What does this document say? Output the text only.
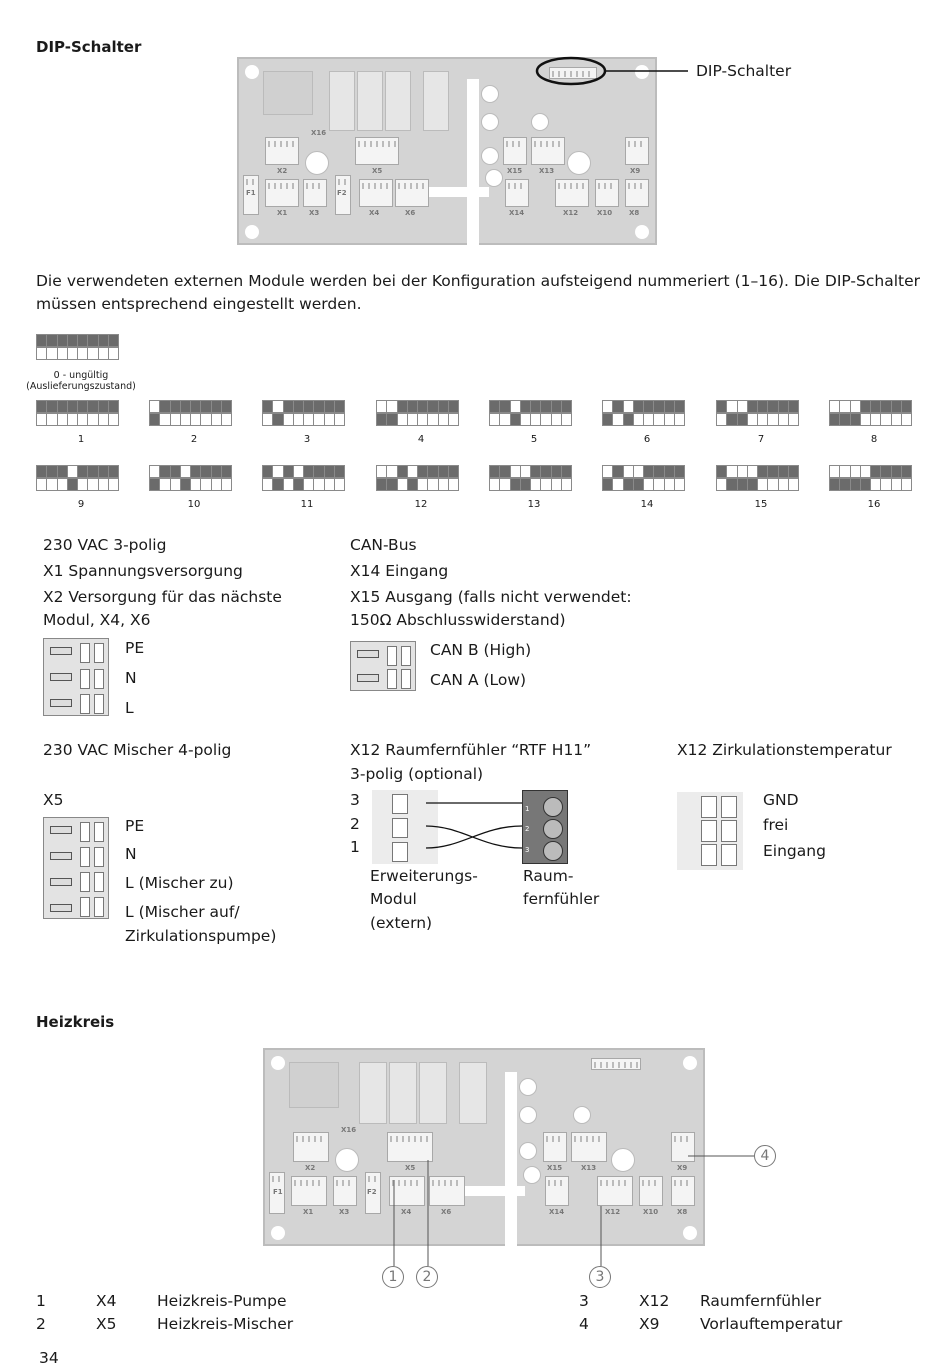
DIP-Schalter
X16
X2	X5	X15 X13	X9
F1	F2
X1	X3	X4	X6	X14	X12	X10 X8
DIP-Schalter
Die verwendeten externen Module werden bei der Konfiguration aufsteigend nummeriert (1–16). Die DIP-Schalter müssen entsprechend eingestellt werden.
1	2	3	4	5	6	7	8
9	10	11	12	13	14	15	16
0 - ungültig
(Auslieferungszustand)
230 VAC 3-polig
X1 Spannungsversorgung
X2 Versorgung für das nächste
Modul, X4, X6
PE
N
L
CAN-Bus
X14 Eingang
X15 Ausgang (falls nicht verwendet:
150Ω Abschlusswiderstand)
CAN B (High)
CAN A (Low)
230 VAC Mischer 4-polig
X5
PE
N
L (Mischer zu)
L (Mischer auf/
Zirkulationspumpe)
X12 Raumfernfühler “RTF H11”
3-polig (optional)
3
2
1
1
2
3
Erweiterungs-
Modul
(extern)
Raum-
fernfühler
X12 Zirkulationstemperatur
GND
frei
Eingang
Heizkreis
X16
X2	X5	X15	X13	X9
F1	F2
X1	X3	X4	X6	X14	X12	X10	X8
1	2	3
4
1	X4	Heizkreis-Pumpe
2	X5	Heizkreis-Mischer
3	X12 Raumfernfühler
4	X9	Vorlauftemperatur
34
